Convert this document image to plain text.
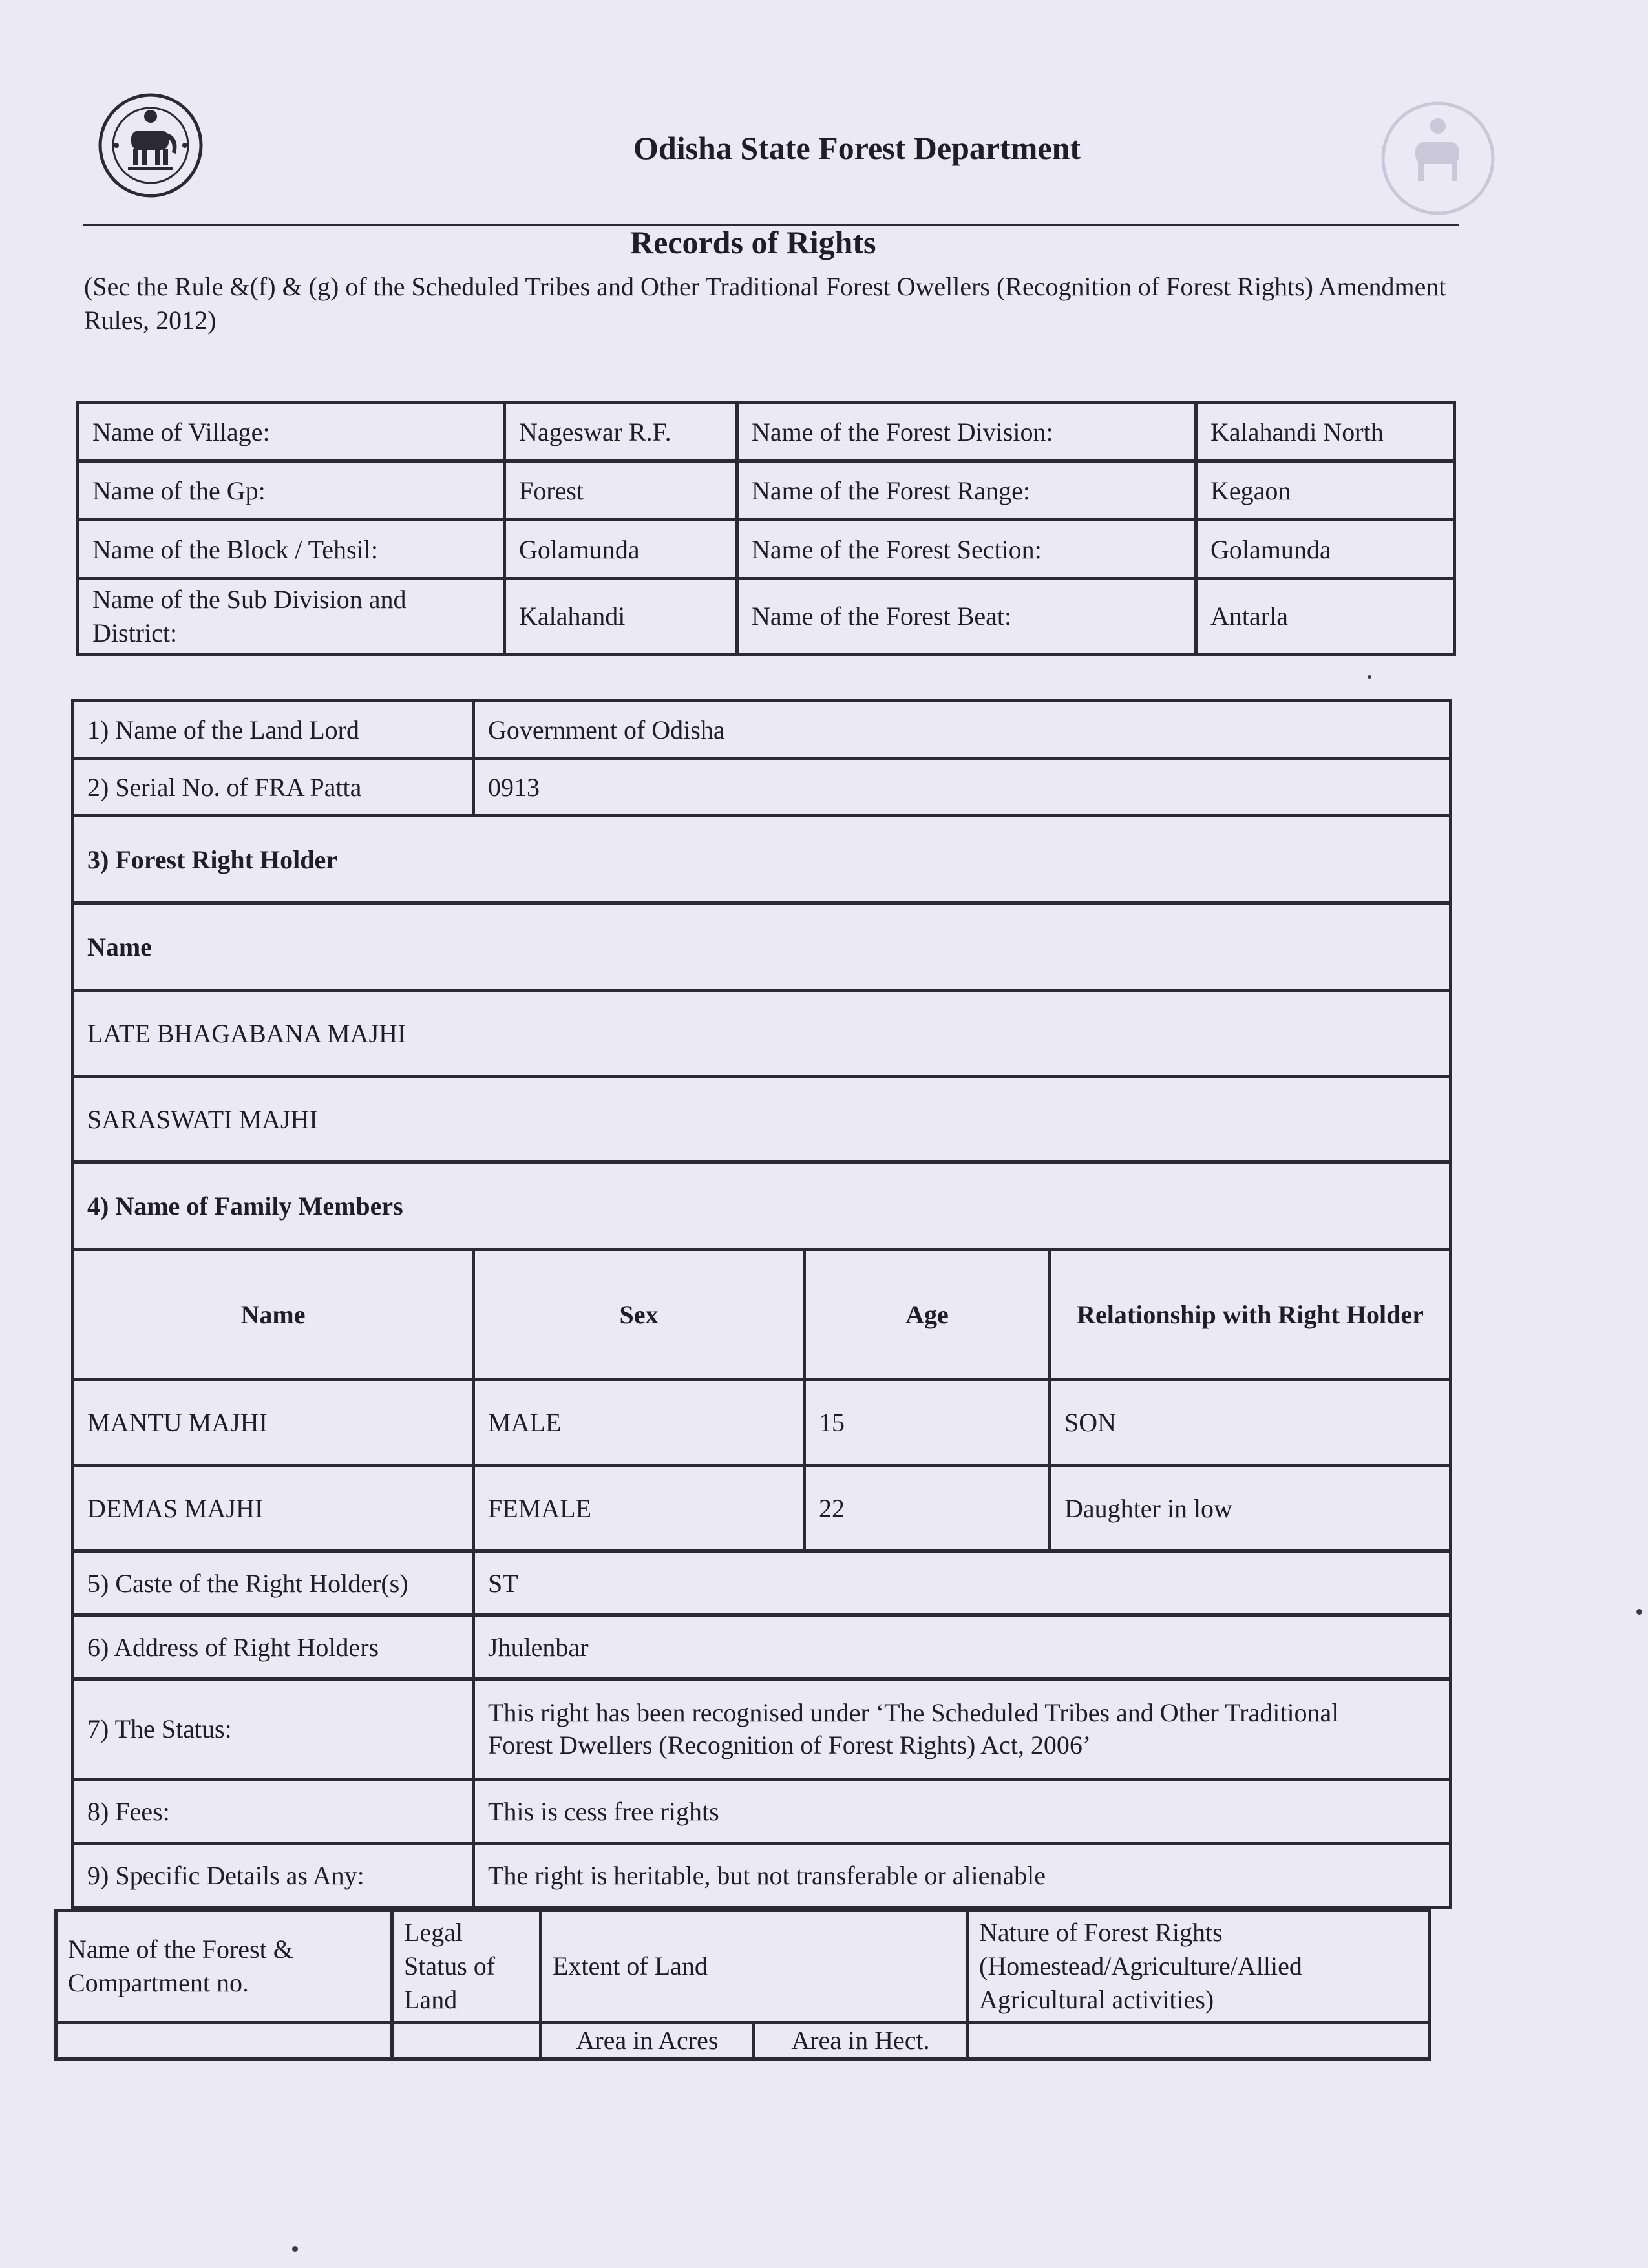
Odisha State Forest Department
Records of Rights
(Sec the Rule &(f) & (g) of the Scheduled Tribes and Other Traditional Forest Owellers (Recognition of Forest Rights) Amendment Rules, 2012)
Name of Village:	Nageswar R.F.	Name of the Forest Division:	Kalahandi North
Name of the Gp:	Forest	Name of the Forest Range:	Kegaon
Name of the Block / Tehsil:	Golamunda	Name of the Forest Section:	Golamunda
Name of the Sub Division and District:	Kalahandi	Name of the Forest Beat:	Antarla
1) Name of the Land Lord	Government of Odisha		
2) Serial No. of FRA Patta	0913		
3) Forest Right Holder			
Name			
LATE BHAGABANA MAJHI			
SARASWATI MAJHI			
4) Name of Family Members			
Name	Sex	Age	Relationship with Right Holder
MANTU MAJHI	MALE	15	SON
DEMAS MAJHI	FEMALE	22	Daughter in low
5) Caste of the Right Holder(s)	ST		
6) Address of Right Holders	Jhulenbar		
7) The Status:	This right has been recognised under ‘The Scheduled Tribes and Other Traditional
Forest Dwellers (Recognition of Forest Rights) Act, 2006’		

8) Fees:	This is cess free rights		
9) Specific Details as Any:	The right is heritable, but not transferable or alienable		
Name of the Forest & Compartment no.	Legal Status of Land	Extent of Land		Nature of Forest Rights (Homestead/Agriculture/Allied Agricultural activities)
		Area in Acres	Area in Hect.	
